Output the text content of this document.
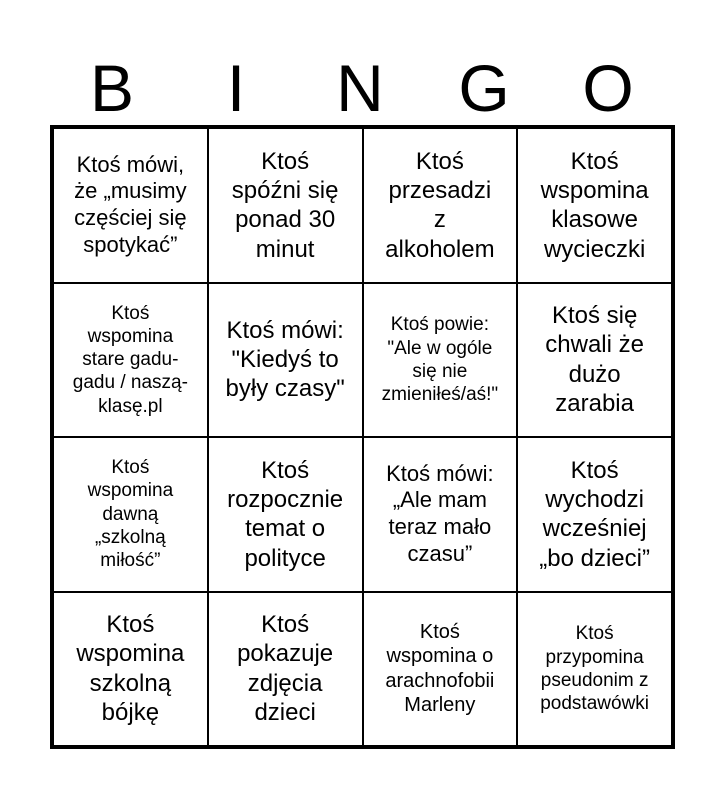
B	I	N	G	O
Ktoś mówi,
że „musimy
częściej się
spotykać”
Ktoś
spóźni się
ponad 30
minut
Ktoś
przesadzi
z
alkoholem
Ktoś
wspomina
klasowe
wycieczki
Ktoś
wspomina
stare gadu-
gadu / naszą-
klasę.pl
Ktoś mówi:
"Kiedyś to
były czasy"
Ktoś powie:
"Ale w ogóle
się nie
zmieniłeś/aś!"
Ktoś się
chwali że
dużo
zarabia
Ktoś
wspomina
dawną
„szkolną
miłość”
Ktoś
rozpocznie
temat o
polityce
Ktoś mówi:
„Ale mam
teraz mało
czasu”
Ktoś
wychodzi
wcześniej
„bo dzieci”
Ktoś
wspomina
szkolną
bójkę
Ktoś
pokazuje
zdjęcia
dzieci
Ktoś
wspomina o
arachnofobii
Marleny
Ktoś
przypomina
pseudonim z
podstawówki
